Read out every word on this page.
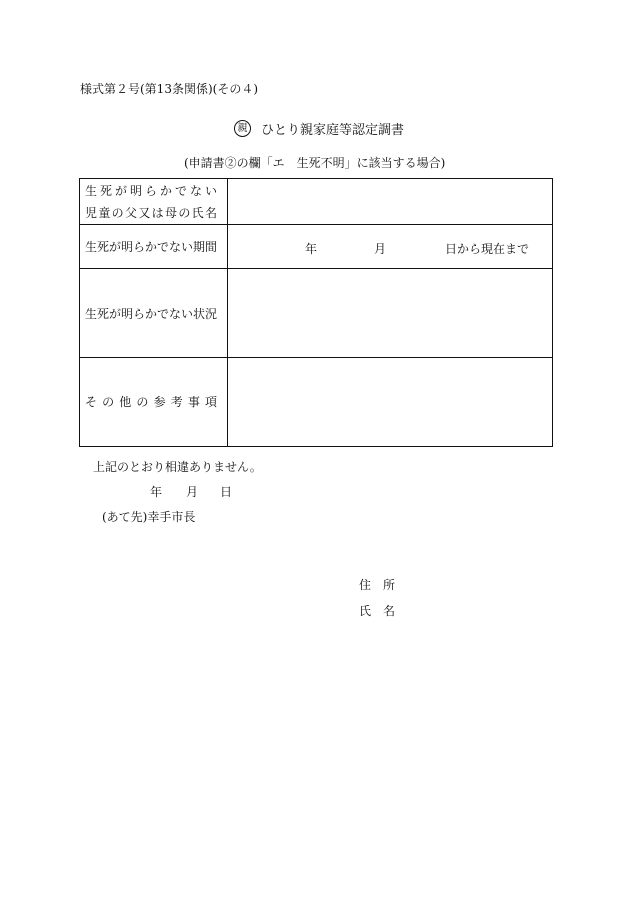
様式第２号(第13条関係)(その４)
親 ひとり親家庭等認定調書
(申請書②の欄「エ　生死不明」に該当する場合)
生死が明らかでない
児童の父又は母の氏名	

生死が明らかでない期間	年 月 日から現在まで

生死が明らかでない状況	

その他の参考事項	

上記のとおり相違ありません。
年 月 日
(あて先)幸手市長
住　所
氏　名
